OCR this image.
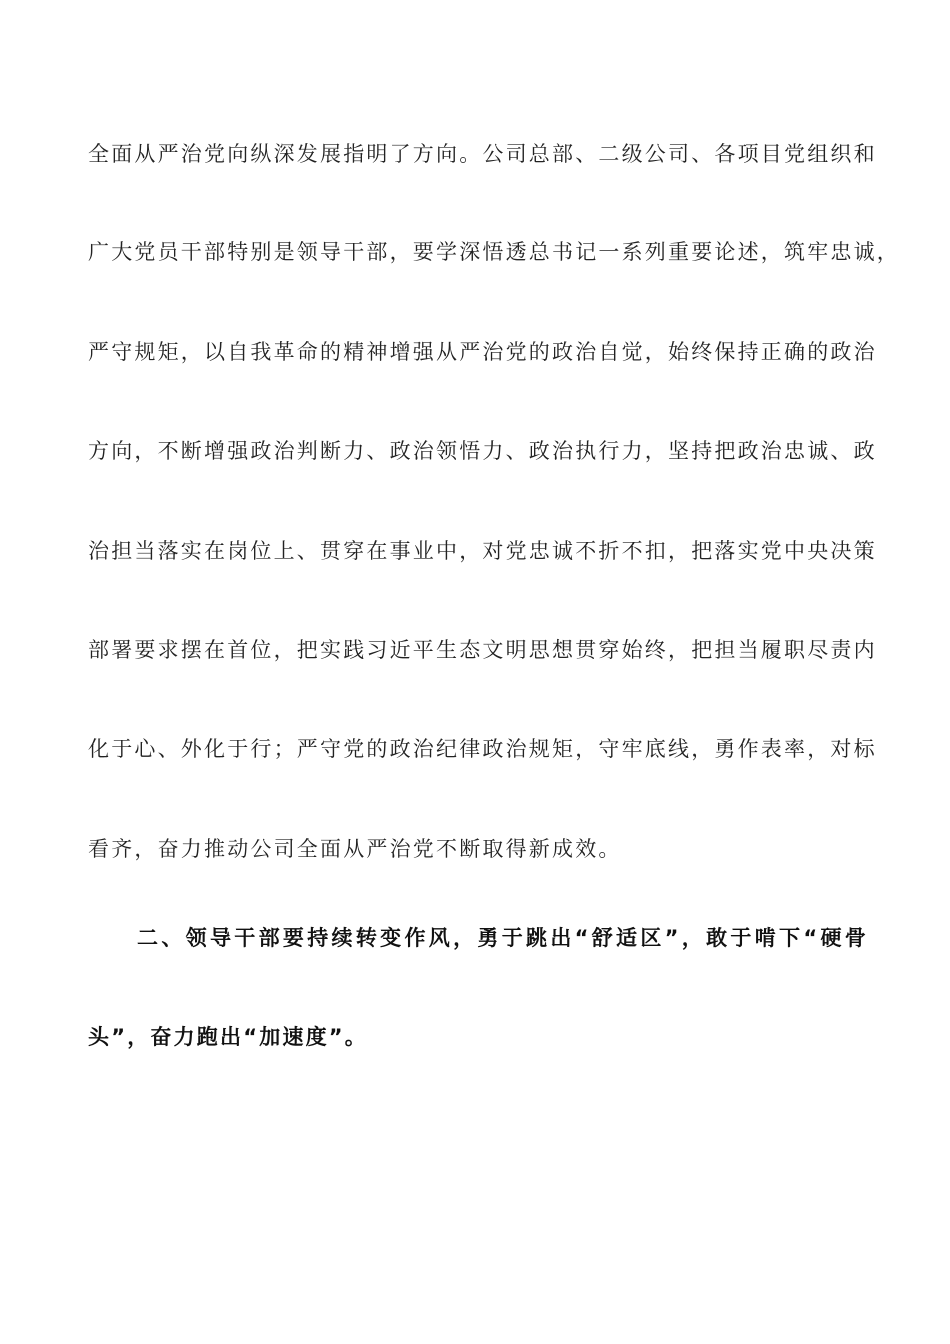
全面从严治党向纵深发展指明了方向。公司总部、二级公司、各项目党组织和
广大党员干部特别是领导干部，要学深悟透总书记一系列重要论述，筑牢忠诚，
严守规矩，以自我革命的精神增强从严治党的政治自觉，始终保持正确的政治
方向，不断增强政治判断力、政治领悟力、政治执行力，坚持把政治忠诚、政
治担当落实在岗位上、贯穿在事业中，对党忠诚不折不扣，把落实党中央决策
部署要求摆在首位，把实践习近平生态文明思想贯穿始终，把担当履职尽责内
化于心、外化于行；严守党的政治纪律政治规矩，守牢底线，勇作表率，对标
看齐，奋力推动公司全面从严治党不断取得新成效。
二、领导干部要持续转变作风，勇于跳出“舒适区”，敢于啃下“硬骨
头”，奋力跑出“加速度”。
